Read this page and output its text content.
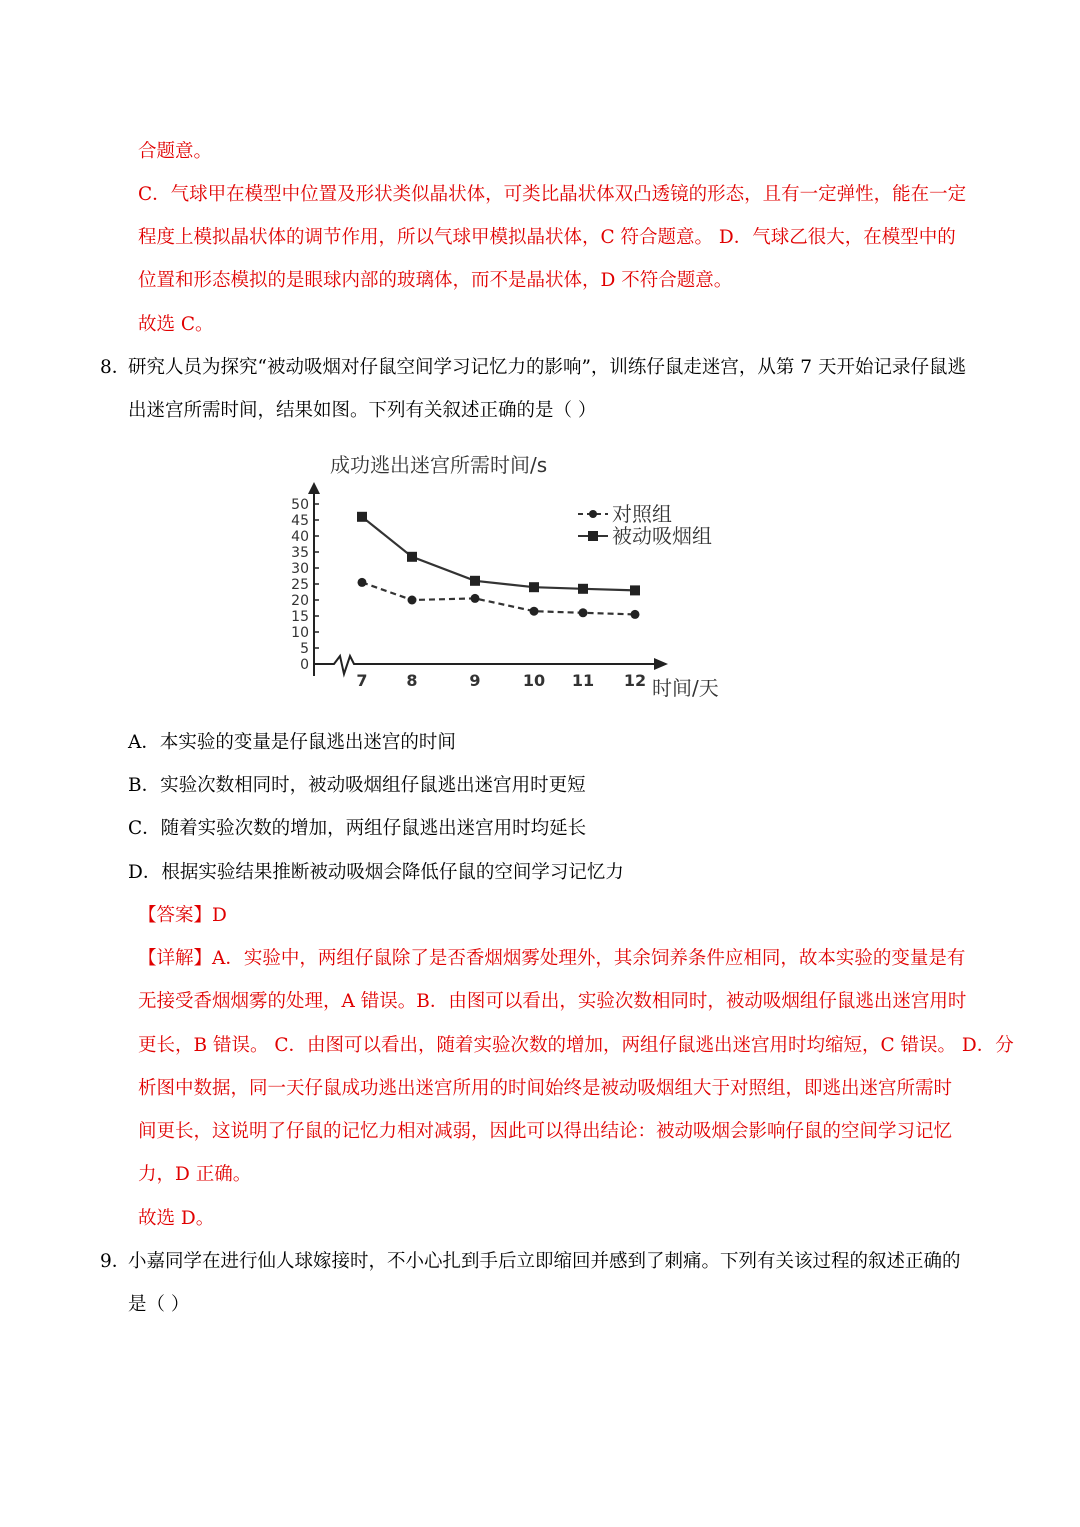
合题意。
C．气球甲在模型中位置及形状类似晶状体，可类比晶状体双凸透镜的形态，且有一定弹性，能在一定
程度上模拟晶状体的调节作用，所以气球甲模拟晶状体，C 符合题意。 D．气球乙很大，在模型中的
位置和形态模拟的是眼球内部的玻璃体，而不是晶状体，D 不符合题意。
故选 C。
8．
研究人员为探究“被动吸烟对仔鼠空间学习记忆力的影响”，训练仔鼠走迷宫，从第 7 天开始记录仔鼠逃
出迷宫所需时间，结果如图。下列有关叙述正确的是（ ）
成功逃出迷宫所需时间/s
0
5
10
15
20
25
30
35
40
45
50
7 8	9	10 11 12 时间/天
对照组
被动吸烟组
A．本实验的变量是仔鼠逃出迷宫的时间
B．实验次数相同时，被动吸烟组仔鼠逃出迷宫用时更短
C．随着实验次数的增加，两组仔鼠逃出迷宫用时均延长
D．根据实验结果推断被动吸烟会降低仔鼠的空间学习记忆力
【答案】D
【详解】A．实验中，两组仔鼠除了是否香烟烟雾处理外，其余饲养条件应相同，故本实验的变量是有
无接受香烟烟雾的处理，A 错误。B．由图可以看出，实验次数相同时，被动吸烟组仔鼠逃出迷宫用时
更长，B 错误。 C．由图可以看出，随着实验次数的增加，两组仔鼠逃出迷宫用时均缩短，C 错误。 D．分
析图中数据，同一天仔鼠成功逃出迷宫所用的时间始终是被动吸烟组大于对照组，即逃出迷宫所需时
间更长，这说明了仔鼠的记忆力相对减弱，因此可以得出结论：被动吸烟会影响仔鼠的空间学习记忆
力，D 正确。
故选 D。
9．
小嘉同学在进行仙人球嫁接时，不小心扎到手后立即缩回并感到了刺痛。下列有关该过程的叙述正确的
是（ ）
